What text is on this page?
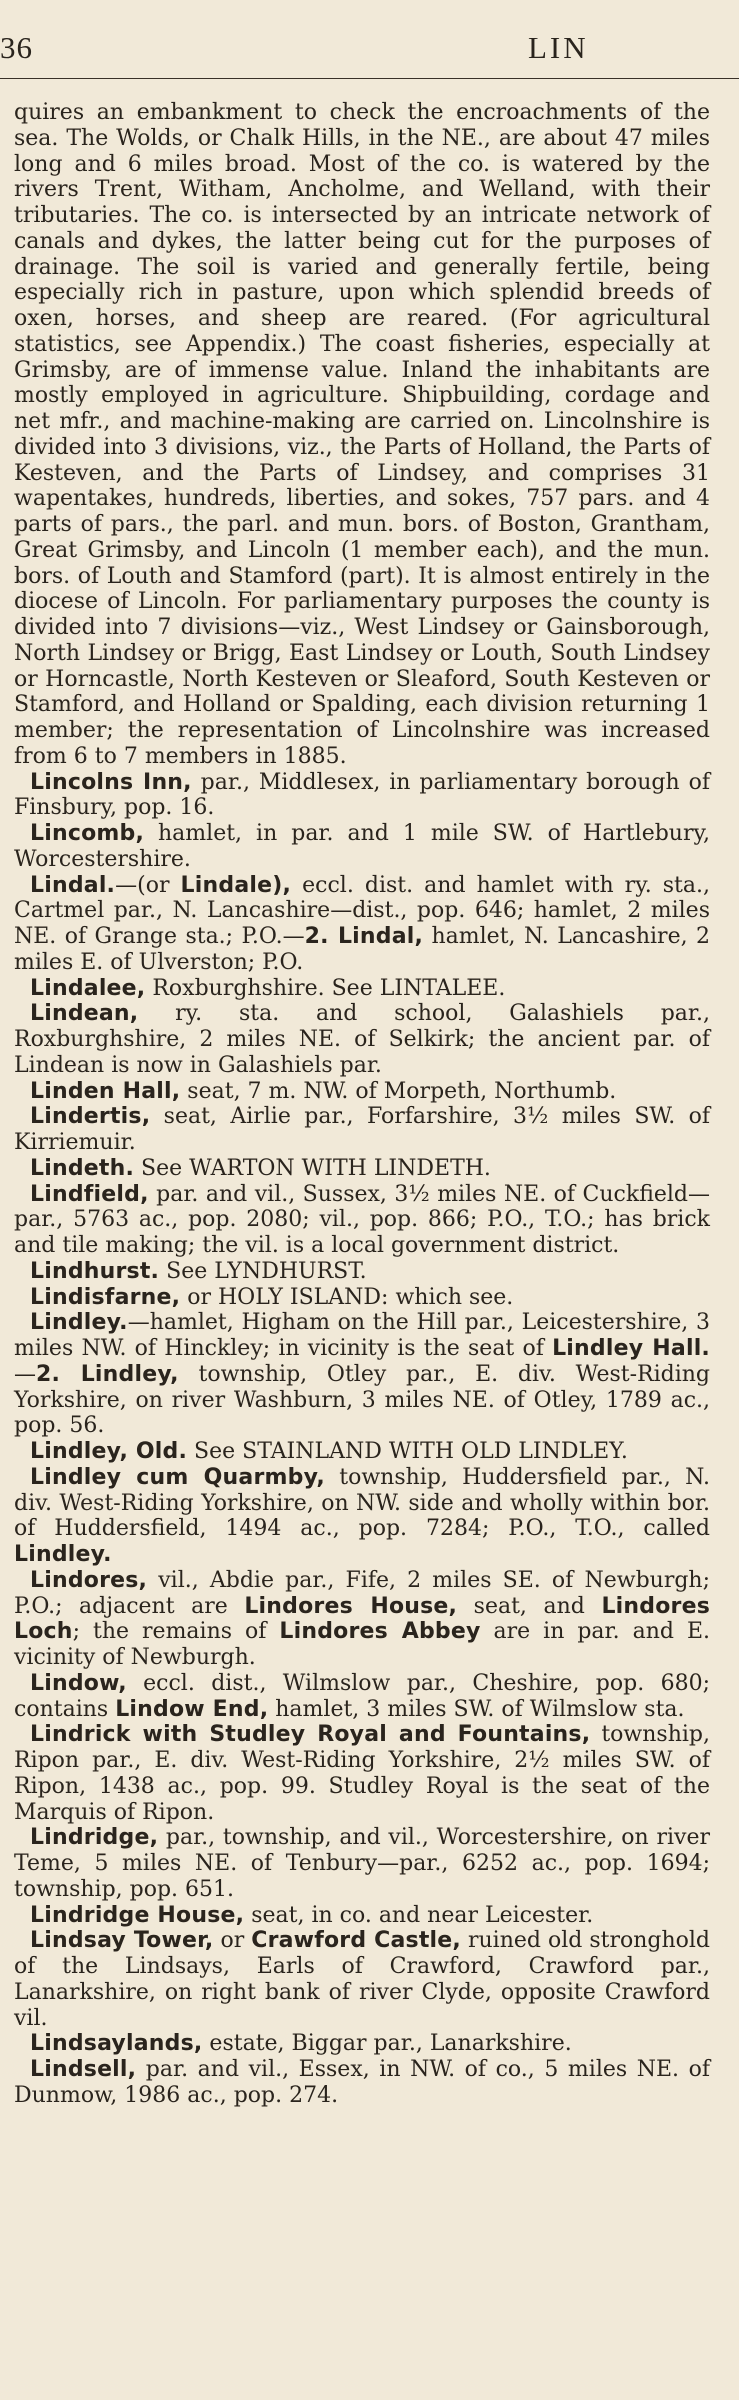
36	LIN

quires an embankment to check the encroachments of the sea. The Wolds, or Chalk Hills, in the NE., are about 47 miles long and 6 miles broad. Most of the co. is watered by the rivers Trent, Witham, Ancholme, and Welland, with their tributaries. The co. is intersected by an intricate network of canals and dykes, the latter being cut for the purposes of drainage. The soil is varied and generally fertile, being especially rich in pasture, upon which splendid breeds of oxen, horses, and sheep are reared. (For agricultural statistics, see Appendix.) The coast fisheries, especially at Grimsby, are of immense value. Inland the inhabitants are mostly employed in agriculture. Shipbuilding, cordage and net mfr., and machine-making are carried on. Lincolnshire is divided into 3 divisions, viz., the Parts of Holland, the Parts of Kesteven, and the Parts of Lindsey, and comprises 31 wapentakes, hundreds, liberties, and sokes, 757 pars. and 4 parts of pars., the parl. and mun. bors. of Boston, Grantham, Great Grimsby, and Lincoln (1 member each), and the mun. bors. of Louth and Stamford (part). It is almost entirely in the diocese of Lincoln. For parliamentary purposes the county is divided into 7 divisions—viz., West Lindsey or Gainsborough, North Lindsey or Brigg, East Lindsey or Louth, South Lindsey or Horncastle, North Kesteven or Sleaford, South Kesteven or Stamford, and Holland or Spalding, each division returning 1 member; the representation of Lincolnshire was increased from 6 to 7 members in 1885.

Lincolns Inn, par., Middlesex, in parliamentary borough of Finsbury, pop. 16.

Lincomb, hamlet, in par. and 1 mile SW. of Hartlebury, Worcestershire.

Lindal.—(or Lindale), eccl. dist. and hamlet with ry. sta., Cartmel par., N. Lancashire—dist., pop. 646; hamlet, 2 miles NE. of Grange sta.; P.O.—2. Lindal, hamlet, N. Lancashire, 2 miles E. of Ulverston; P.O.

Lindalee, Roxburghshire. See LINTALEE.

Lindean, ry. sta. and school, Galashiels par., Roxburghshire, 2 miles NE. of Selkirk; the ancient par. of Lindean is now in Galashiels par.

Linden Hall, seat, 7 m. NW. of Morpeth, Northumb.

Lindertis, seat, Airlie par., Forfarshire, 3½ miles SW. of Kirriemuir.

Lindeth. See WARTON WITH LINDETH.

Lindfield, par. and vil., Sussex, 3½ miles NE. of Cuckfield—par., 5763 ac., pop. 2080; vil., pop. 866; P.O., T.O.; has brick and tile making; the vil. is a local government district.

Lindhurst. See LYNDHURST.

Lindisfarne, or HOLY ISLAND: which see.

Lindley.—hamlet, Higham on the Hill par., Leicestershire, 3 miles NW. of Hinckley; in vicinity is the seat of Lindley Hall.—2. Lindley, township, Otley par., E. div. West-Riding Yorkshire, on river Washburn, 3 miles NE. of Otley, 1789 ac., pop. 56.

Lindley, Old. See STAINLAND WITH OLD LINDLEY.

Lindley cum Quarmby, township, Huddersfield par., N. div. West-Riding Yorkshire, on NW. side and wholly within bor. of Huddersfield, 1494 ac., pop. 7284; P.O., T.O., called Lindley.

Lindores, vil., Abdie par., Fife, 2 miles SE. of Newburgh; P.O.; adjacent are Lindores House, seat, and Lindores Loch; the remains of Lindores Abbey are in par. and E. vicinity of Newburgh.

Lindow, eccl. dist., Wilmslow par., Cheshire, pop. 680; contains Lindow End, hamlet, 3 miles SW. of Wilmslow sta.

Lindrick with Studley Royal and Fountains, township, Ripon par., E. div. West-Riding Yorkshire, 2½ miles SW. of Ripon, 1438 ac., pop. 99. Studley Royal is the seat of the Marquis of Ripon.

Lindridge, par., township, and vil., Worcestershire, on river Teme, 5 miles NE. of Tenbury—par., 6252 ac., pop. 1694; township, pop. 651.

Lindridge House, seat, in co. and near Leicester.

Lindsay Tower, or Crawford Castle, ruined old stronghold of the Lindsays, Earls of Crawford, Crawford par., Lanarkshire, on right bank of river Clyde, opposite Crawford vil.

Lindsaylands, estate, Biggar par., Lanarkshire.

Lindsell, par. and vil., Essex, in NW. of co., 5 miles NE. of Dunmow, 1986 ac., pop. 274.
